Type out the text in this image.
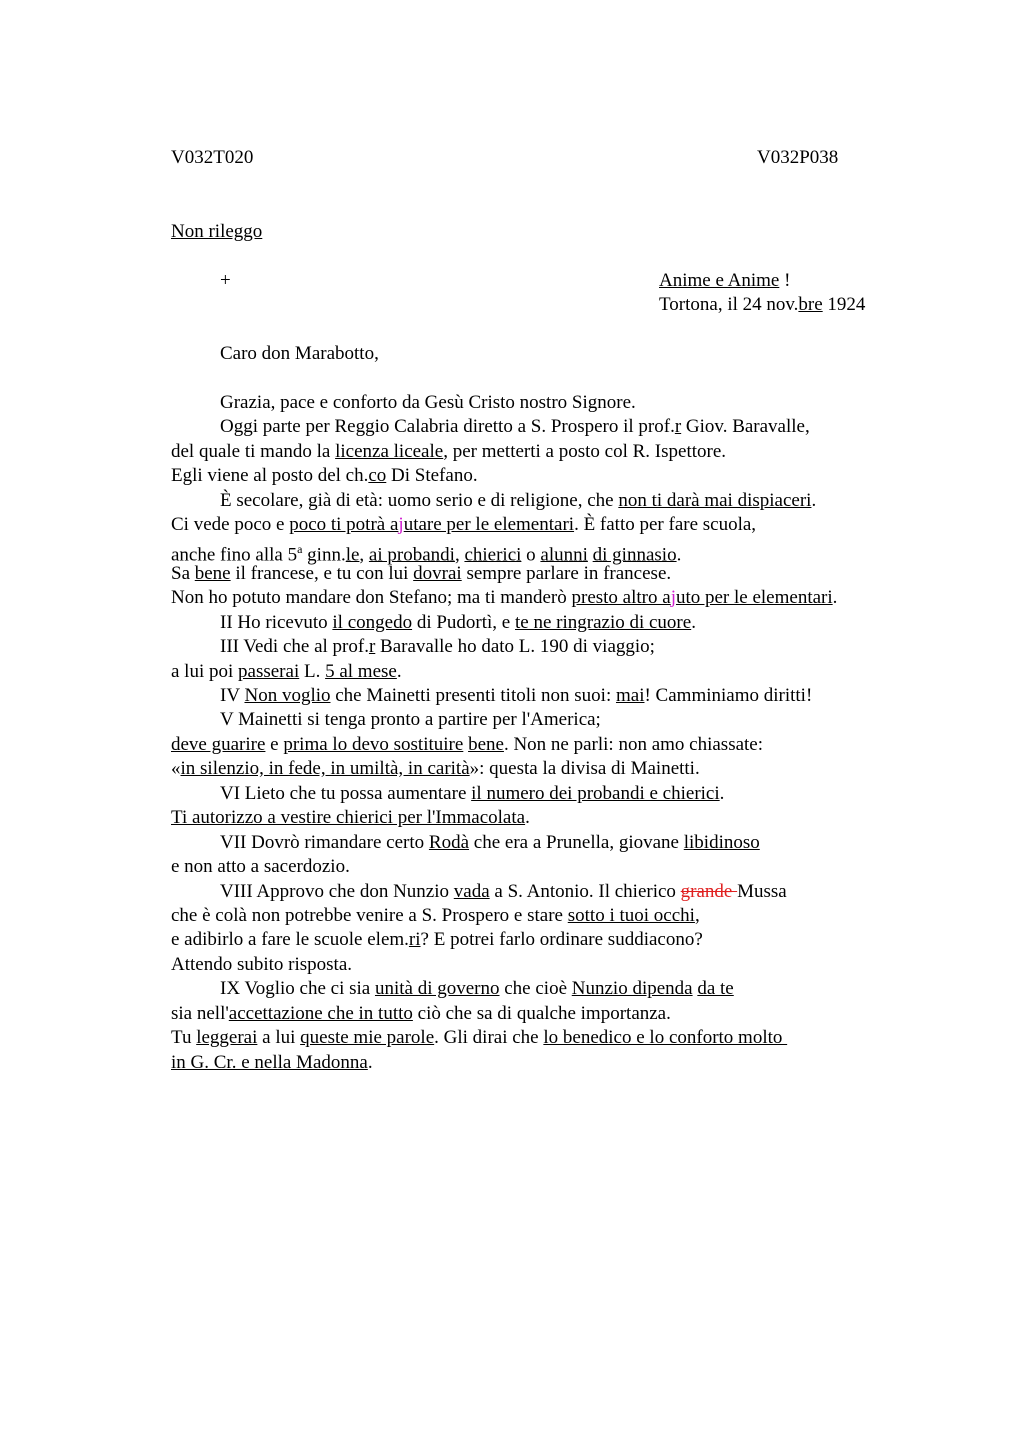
V032T020	V032P038
Non rileggo
+	Anime e Anime !
Tortona, il 24 nov.bre 1924
Caro don Marabotto,
Grazia, pace e conforto da Gesù Cristo nostro Signore.
Oggi parte per Reggio Calabria diretto a S. Prospero il prof.r Giov. Baravalle,
del quale ti mando la licenza liceale, per metterti a posto col R. Ispettore.
Egli viene al posto del ch.co Di Stefano.
È secolare, già di età: uomo serio e di religione, che non ti darà mai dispiaceri.
Ci vede poco e poco ti potrà ajutare per le elementari. È fatto per fare scuola,
anche fino alla 5$^a$ ginn.le, ai probandi, chierici o alunni di ginnasio.
Sa bene il francese, e tu con lui dovrai sempre parlare in francese.
Non ho potuto mandare don Stefano; ma ti manderò presto altro ajuto per le elementari.
II Ho ricevuto il congedo di Pudortì, e te ne ringrazio di cuore.
III Vedi che al prof.r Baravalle ho dato L. 190 di viaggio;
a lui poi passerai L. 5 al mese.
IV Non voglio che Mainetti presenti titoli non suoi: mai! Camminiamo diritti!
V Mainetti si tenga pronto a partire per l'America;
deve guarire e prima lo devo sostituire bene. Non ne parli: non amo chiassate:
«in silenzio, in fede, in umiltà, in carità»: questa la divisa di Mainetti.
VI Lieto che tu possa aumentare il numero dei probandi e chierici.
Ti autorizzo a vestire chierici per l'Immacolata.
VII Dovrò rimandare certo Rodà che era a Prunella, giovane libidinoso
e non atto a sacerdozio.
VIII Approvo che don Nunzio vada a S. Antonio. Il chierico grande Mussa
che è colà non potrebbe venire a S. Prospero e stare sotto i tuoi occhi,
e adibirlo a fare le scuole elem.ri? E potrei farlo ordinare suddiacono?
Attendo subito risposta.
IX Voglio che ci sia unità di governo che cioè Nunzio dipenda da te
sia nell'accettazione che in tutto ciò che sa di qualche importanza.
Tu leggerai a lui queste mie parole. Gli dirai che lo benedico e lo conforto molto
in G. Cr. e nella Madonna.
